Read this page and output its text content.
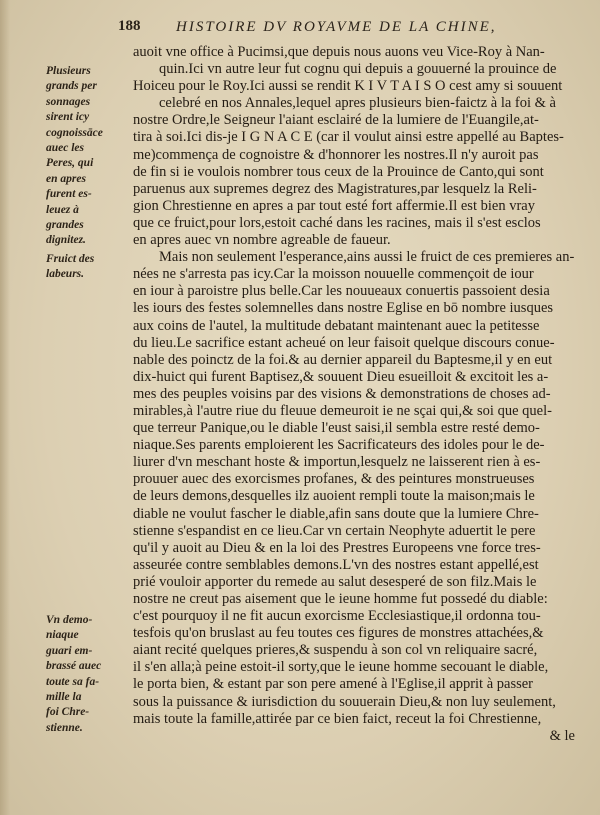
188 HISTOIRE DV ROYAVME DE LA CHINE,
Plusieurs
grands per
sonnages
sirent icy
cognoissāce
auec les
Peres, qui
en apres
furent es-
leuez à
grandes
dignitez.
Fruict des
labeurs.
Vn demo-
niaque
guari em-
brassé auec
toute sa fa-
mille la
foi Chre-
stienne.
auoit vne office à Pucimsi,que depuis nous auons veu Vice-Roy à Nan-
quin.Ici vn autre leur fut cognu qui depuis a gouuerné la prouince de
Hoiceu pour le Roy.Ici aussi se rendit K I V T A I S O cest amy si souuent
celebré en nos Annales,lequel apres plusieurs bien-faictz à la foi & à
nostre Ordre,le Seigneur l'aiant esclairé de la lumiere de l'Euangile,at-
tira à soi.Ici dis-je I G N A C E (car il voulut ainsi estre appellé au Baptes-
me)commença de cognoistre & d'honnorer les nostres.Il n'y auroit pas
de fin si ie voulois nombrer tous ceux de la Prouince de Canto,qui sont
paruenus aux supremes degrez des Magistratures,par lesquelz la Reli-
gion Chrestienne en apres a par tout esté fort affermie.Il est bien vray
que ce fruict,pour lors,estoit caché dans les racines, mais il s'est esclos
en apres auec vn nombre agreable de faueur.
Mais non seulement l'esperance,ains aussi le fruict de ces premieres an-
nées ne s'arresta pas icy.Car la moisson nouuelle commençoit de iour
en iour à paroistre plus belle.Car les nouueaux conuertis passoient desia
les iours des festes solemnelles dans nostre Eglise en bō nombre iusques
aux coins de l'autel, la multitude debatant maintenant auec la petitesse
du lieu.Le sacrifice estant acheué on leur faisoit quelque discours conue-
nable des poinctz de la foi.& au dernier appareil du Baptesme,il y en eut
dix-huict qui furent Baptisez,& souuent Dieu esueilloit & excitoit les a-
mes des peuples voisins par des visions & demonstrations de choses ad-
mirables,à l'autre riue du fleuue demeuroit ie ne sçai qui,& soi que quel-
que terreur Panique,ou le diable l'eust saisi,il sembla estre resté demo-
niaque.Ses parents emploierent les Sacrificateurs des idoles pour le de-
liurer d'vn meschant hoste & importun,lesquelz ne laisserent rien à es-
prouuer auec des exorcismes profanes, & des peintures monstrueuses
de leurs demons,desquelles ilz auoient rempli toute la maison;mais le
diable ne voulut fascher le diable,afin sans doute que la lumiere Chre-
stienne s'espandist en ce lieu.Car vn certain Neophyte aduertit le pere
qu'il y auoit au Dieu & en la loi des Prestres Europeens vne force tres-
asseurée contre semblables demons.L'vn des nostres estant appellé,est
prié vouloir apporter du remede au salut desesperé de son filz.Mais le
nostre ne creut pas aisement que le ieune homme fut possedé du diable:
c'est pourquoy il ne fit aucun exorcisme Ecclesiastique,il ordonna tou-
tesfois qu'on bruslast au feu toutes ces figures de monstres attachées,&
aiant recité quelques prieres,& suspendu à son col vn reliquaire sacré,
il s'en alla;à peine estoit-il sorty,que le ieune homme secouant le diable,
le porta bien, & estant par son pere amené à l'Eglise,il apprit à passer
sous la puissance & iurisdiction du souuerain Dieu,& non luy seulement,
mais toute la famille,attirée par ce bien faict, receut la foi Chrestienne,
& le
